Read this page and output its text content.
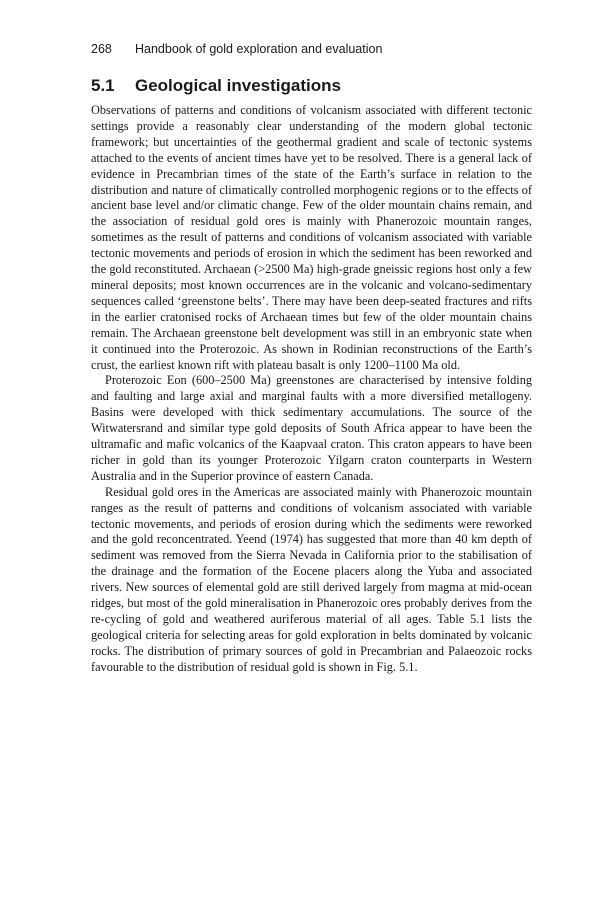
268 Handbook of gold exploration and evaluation
5.1 Geological investigations

Observations of patterns and conditions of volcanism associated with different tectonic settings provide a reasonably clear understanding of the modern global tectonic framework; but uncertainties of the geothermal gradient and scale of tectonic systems attached to the events of ancient times have yet to be resolved. There is a general lack of evidence in Precambrian times of the state of the Earth’s surface in relation to the distribution and nature of climatically controlled morphogenic regions or to the effects of ancient base level and/or climatic change. Few of the older mountain chains remain, and the association of residual gold ores is mainly with Phanerozoic mountain ranges, sometimes as the result of patterns and conditions of volcanism associated with variable tectonic movements and periods of erosion in which the sediment has been reworked and the gold reconstituted. Archaean (>2500 Ma) high-grade gneissic regions host only a few mineral deposits; most known occurrences are in the volcanic and volcano-sedimentary sequences called ‘greenstone belts’. There may have been deep-seated fractures and rifts in the earlier cratonised rocks of Archaean times but few of the older mountain chains remain. The Archaean greenstone belt development was still in an embryonic state when it continued into the Proterozoic. As shown in Rodinian reconstructions of the Earth’s crust, the earliest known rift with plateau basalt is only 1200–1100 Ma old.

Proterozoic Eon (600–2500 Ma) greenstones are characterised by intensive folding and faulting and large axial and marginal faults with a more diversified metallogeny. Basins were developed with thick sedimentary accumulations. The source of the Witwatersrand and similar type gold deposits of South Africa appear to have been the ultramafic and mafic volcanics of the Kaapvaal craton. This craton appears to have been richer in gold than its younger Proterozoic Yilgarn craton counterparts in Western Australia and in the Superior province of eastern Canada.

Residual gold ores in the Americas are associated mainly with Phanerozoic mountain ranges as the result of patterns and conditions of volcanism associated with variable tectonic movements, and periods of erosion during which the sediments were reworked and the gold reconcentrated. Yeend (1974) has suggested that more than 40 km depth of sediment was removed from the Sierra Nevada in California prior to the stabilisation of the drainage and the formation of the Eocene placers along the Yuba and associated rivers. New sources of elemental gold are still derived largely from magma at mid-ocean ridges, but most of the gold mineralisation in Phanerozoic ores probably derives from the re-cycling of gold and weathered auriferous material of all ages. Table 5.1 lists the geological criteria for selecting areas for gold exploration in belts dominated by volcanic rocks. The distribution of primary sources of gold in Precambrian and Palaeozoic rocks favourable to the distribution of residual gold is shown in Fig. 5.1.
